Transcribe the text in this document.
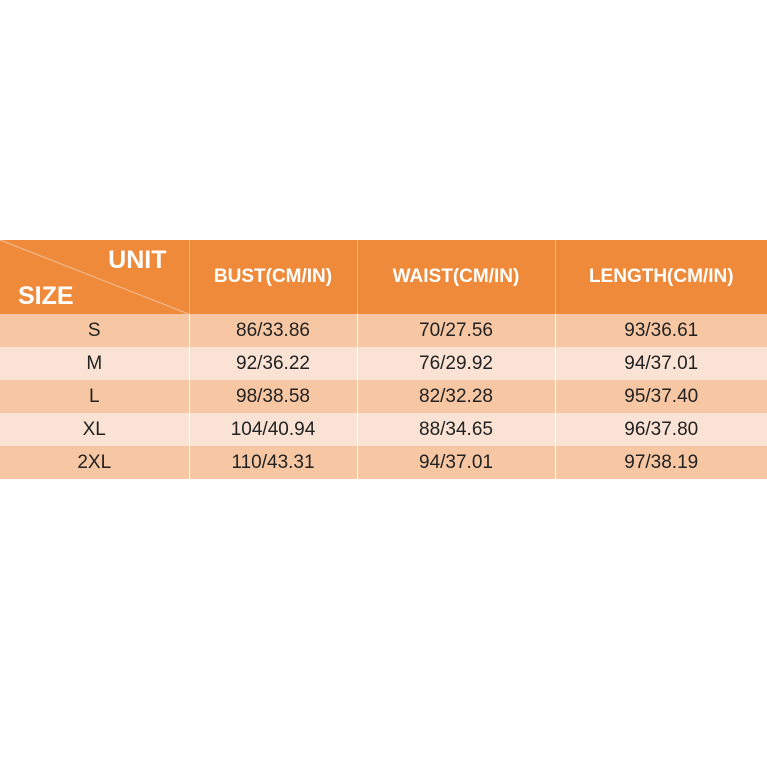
UNIT
SIZE	BUST(CM/IN)	WAIST(CM/IN)	LENGTH(CM/IN)
S	86/33.86	70/27.56	93/36.61
M	92/36.22	76/29.92	94/37.01
L	98/38.58	82/32.28	95/37.40
XL	104/40.94	88/34.65	96/37.80
2XL	110/43.31	94/37.01	97/38.19
